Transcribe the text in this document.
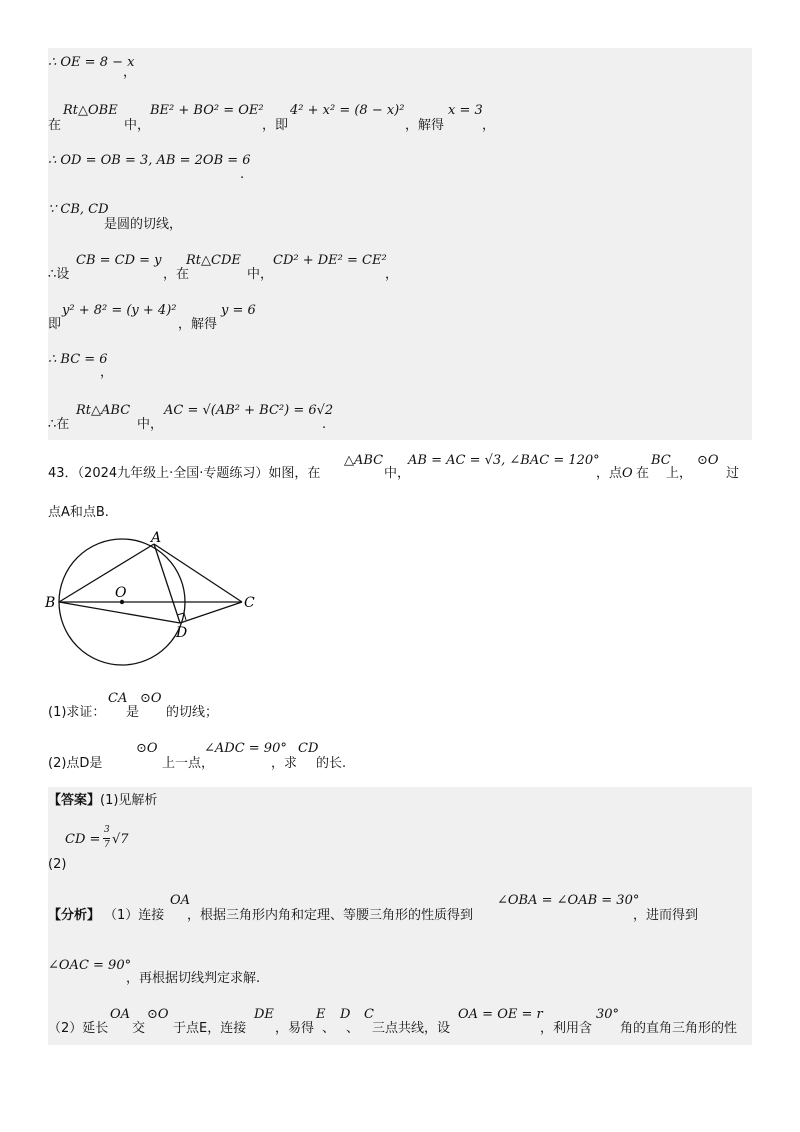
∴ OE = 8 − x
，
在
Rt△OBE
中，
BE² + BO² = OE²
，即
4² + x² = (8 − x)²
，解得
x = 3
，
∴ OD = OB = 3, AB = 2OB = 6
.
∵ CB, CD
是圆的切线，
∴设
CB = CD = y
，在
Rt△CDE
中，
CD² + DE² = CE²
，
即
y² + 8² = (y + 4)²
，解得
y = 6
∴ BC = 6
，
∴在
Rt△ABC
中，
AC = √(AB² + BC²) = 6√2
.
43．（2024九年级上·全国·专题练习）如图，在
△ABC
中，
AB = AC = √3, ∠BAC = 120°
，点 O 在
BC
上，
⊙O
过
点A和点B.
A
B	C
D
O
(1)求证：
CA
是
⊙O
的切线；
(2)点D是
⊙O
上一点，
∠ADC = 90°
，求
CD
的长.
【答案】 (1)见解析
CD =
3
7 √7
(2)
【分析】 （1）连接
OA
，根据三角形内角和定理、等腰三角形的性质得到
∠OBA = ∠OAB = 30°
，进而得到
∠OAC = 90°
，再根据切线判定求解.
（2）延长
OA
交
⊙O
于点E，连接
DE
，易得
E
、
D
、
C
三点共线，设
OA = OE = r
，利用含
30°
角的直角三角形的性
